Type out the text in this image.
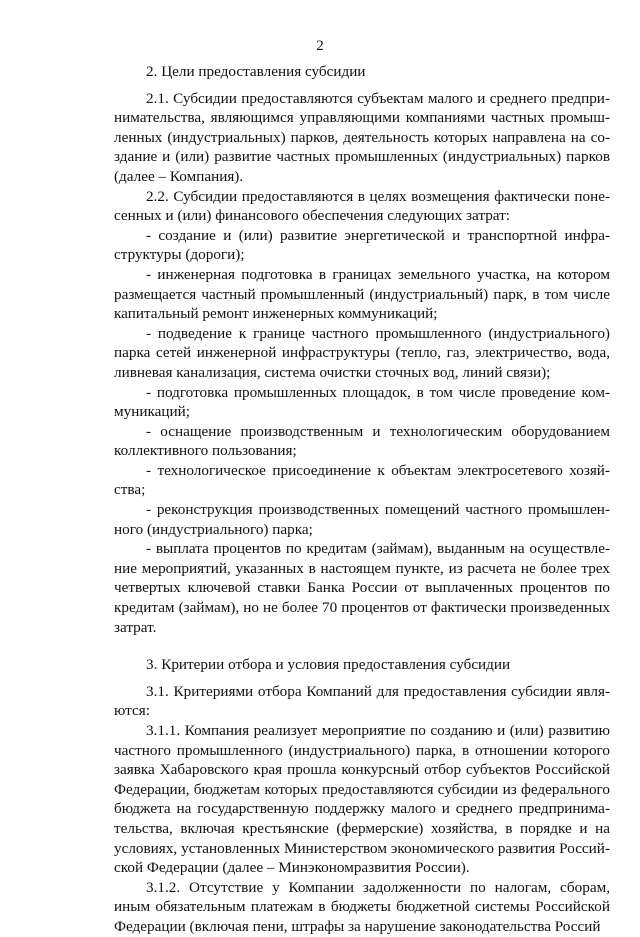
2

2. Цели предоставления субсидии

2.1. Субсидии предоставляются субъектам малого и среднего предпринимательства, являющимся управляющими компаниями частных промышленных (индустриальных) парков, деятельность которых направлена на создание и (или) развитие частных промышленных (индустриальных) парков (далее – Компания).

2.2. Субсидии предоставляются в целях возмещения фактически понесенных и (или) финансового обеспечения следующих затрат:

- создание и (или) развитие энергетической и транспортной инфраструктуры (дороги);

- инженерная подготовка в границах земельного участка, на котором размещается частный промышленный (индустриальный) парк, в том числе капитальный ремонт инженерных коммуникаций;

- подведение к границе частного промышленного (индустриального) парка сетей инженерной инфраструктуры (тепло, газ, электричество, вода, ливневая канализация, система очистки сточных вод, линий связи);

- подготовка промышленных площадок, в том числе проведение коммуникаций;

- оснащение производственным и технологическим оборудованием коллективного пользования;

- технологическое присоединение к объектам электросетевого хозяйства;

- реконструкция производственных помещений частного промышленного (индустриального) парка;

- выплата процентов по кредитам (займам), выданным на осуществление мероприятий, указанных в настоящем пункте, из расчета не более трех четвертых ключевой ставки Банка России от выплаченных процентов по кредитам (займам), но не более 70 процентов от фактически произведенных затрат.

3. Критерии отбора и условия предоставления субсидии

3.1. Критериями отбора Компаний для предоставления субсидии являются:

3.1.1. Компания реализует мероприятие по созданию и (или) развитию частного промышленного (индустриального) парка, в отношении которого заявка Хабаровского края прошла конкурсный отбор субъектов Российской Федерации, бюджетам которых предоставляются субсидии из федерального бюджета на государственную поддержку малого и среднего предпринимательства, включая крестьянские (фермерские) хозяйства, в порядке и на условиях, установленных Министерством экономического развития Российской Федерации (далее – Минэкономразвития России).

3.1.2. Отсутствие у Компании задолженности по налогам, сборам, иным обязательным платежам в бюджеты бюджетной системы Российской Федерации (включая пени, штрафы за нарушение законодательства Россий
